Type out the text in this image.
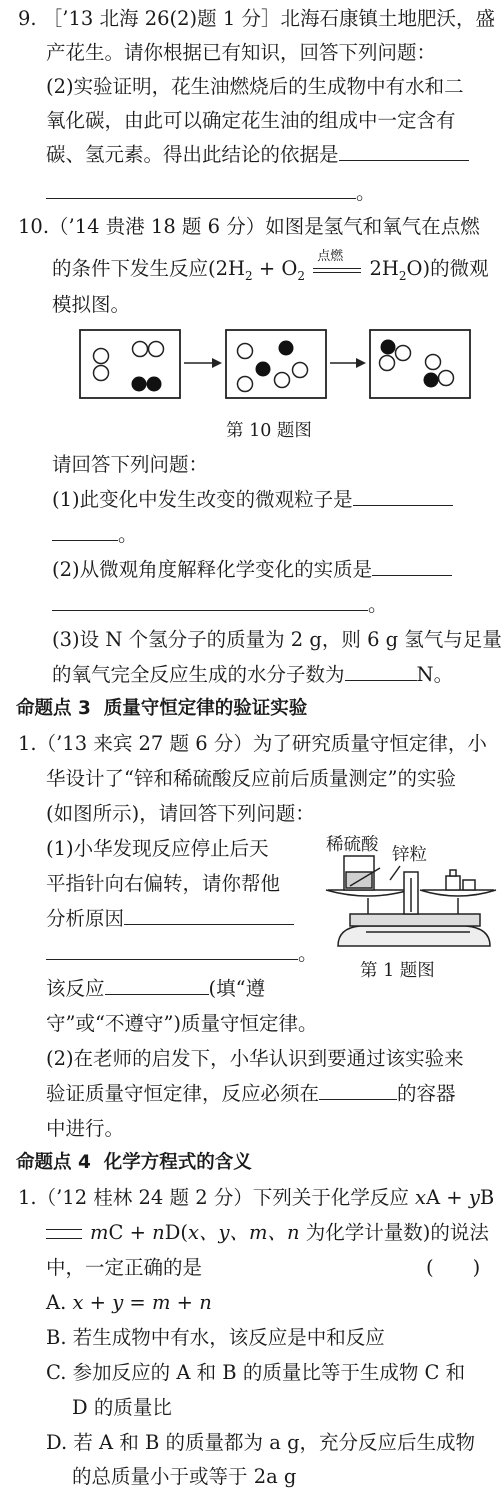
9. ［’13 北海 26(2)题 1 分］北海石康镇土地肥沃，盛
产花生。请你根据已有知识，回答下列问题：
(2)实验证明，花生油燃烧后的生成物中有水和二
氧化碳，由此可以确定花生油的组成中一定含有
碳、氢元素。得出此结论的依据是
。
10.（’14 贵港 18 题 6 分）如图是氢气和氧气在点燃
的条件下发生反应($2H_2 + O_2$
点燃
$2H_2O$)的微观
模拟图。
第 10 题图
请回答下列问题：
(1)此变化中发生改变的微观粒子是
。
(2)从微观角度解释化学变化的实质是
。
(3)设 N 个氢分子的质量为 2 g，则 6 g 氢气与足量
的氧气完全反应生成的水分子数为	N。
命题点 3 质量守恒定律的验证实验
1.（’13 来宾 27 题 6 分）为了研究质量守恒定律，小
华设计了“锌和稀硫酸反应前后质量测定”的实验
(如图所示)，请回答下列问题：
(1)小华发现反应停止后天
平指针向右偏转，请你帮他
分析原因
。
该反应	(填“遵
守”或“不遵守”)质量守恒定律。
(2)在老师的启发下，小华认识到要通过该实验来
验证质量守恒定律，反应必须在	的容器
中进行。
稀硫酸 锌粒
第 1 题图
命题点 4 化学方程式的含义
1.（’12 桂林 24 题 2 分）下列关于化学反应 xA + yB
mC + nD(x、y、m、n 为化学计量数)的说法
中，一定正确的是	(　　)
A. x + y = m + n
B. 若生成物中有水，该反应是中和反应
C. 参加反应的 A 和 B 的质量比等于生成物 C 和
D 的质量比
D. 若 A 和 B 的质量都为 a g，充分反应后生成物
的总质量小于或等于 2a g
